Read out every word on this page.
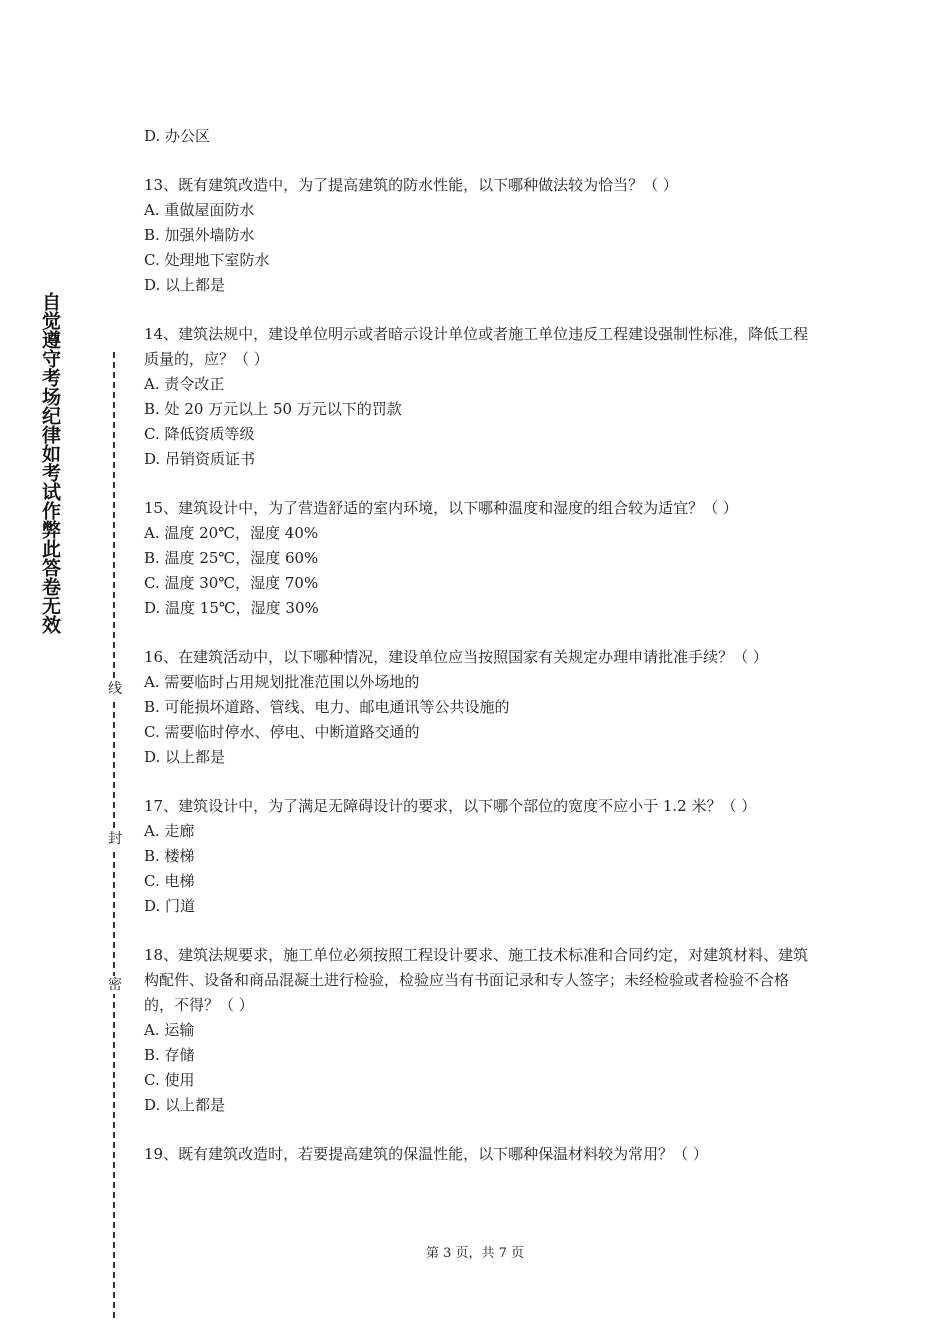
自觉遵守考场纪律如考试作弊此答卷无效
线
封
密

D. 办公区

13、既有建筑改造中，为了提高建筑的防水性能，以下哪种做法较为恰当？（ ）

A. 重做屋面防水

B. 加强外墙防水

C. 处理地下室防水

D. 以上都是

14、建筑法规中，建设单位明示或者暗示设计单位或者施工单位违反工程建设强制性标准，降低工程质量的，应？（ ）

A. 责令改正

B. 处 20 万元以上 50 万元以下的罚款

C. 降低资质等级

D. 吊销资质证书

15、建筑设计中，为了营造舒适的室内环境，以下哪种温度和湿度的组合较为适宜？（ ）

A. 温度 20℃，湿度 40%

B. 温度 25℃，湿度 60%

C. 温度 30℃，湿度 70%

D. 温度 15℃，湿度 30%

16、在建筑活动中，以下哪种情况，建设单位应当按照国家有关规定办理申请批准手续？（ ）

A. 需要临时占用规划批准范围以外场地的

B. 可能损坏道路、管线、电力、邮电通讯等公共设施的

C. 需要临时停水、停电、中断道路交通的

D. 以上都是

17、建筑设计中，为了满足无障碍设计的要求，以下哪个部位的宽度不应小于 1.2 米？（ ）

A. 走廊

B. 楼梯

C. 电梯

D. 门道

18、建筑法规要求，施工单位必须按照工程设计要求、施工技术标准和合同约定，对建筑材料、建筑构配件、设备和商品混凝土进行检验，检验应当有书面记录和专人签字；未经检验或者检验不合格的，不得？（ ）

A. 运输

B. 存储

C. 使用

D. 以上都是

19、既有建筑改造时，若要提高建筑的保温性能，以下哪种保温材料较为常用？（ ）

第 3 页，共 7 页
